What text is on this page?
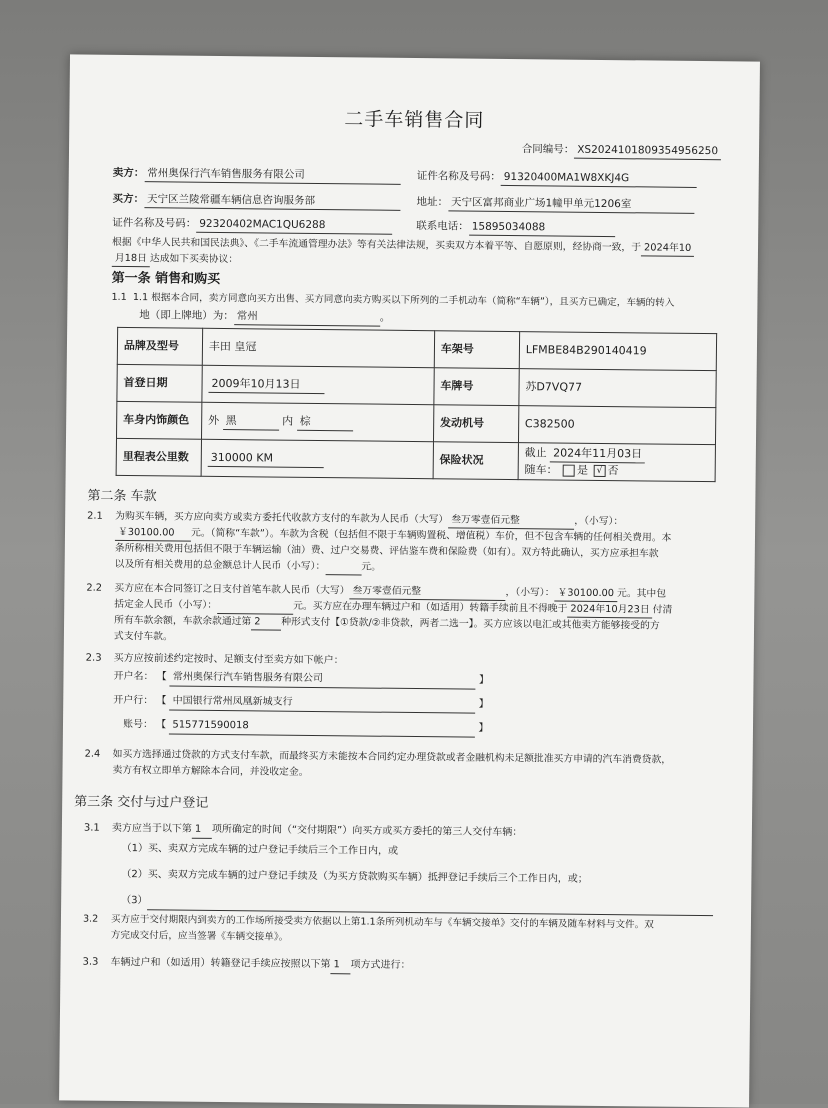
二手车销售合同
合同编号： XS2024101809354956250
卖方： 常州奥保行汽车销售服务有限公司	证件名称及号码： 91320400MA1W8XKJ4G
买方： 天宁区兰陵常疆车辆信息咨询服务部	地址： 天宁区富邦商业广场1幢甲单元1206室
证件名称及号码： 92320402MAC1QU6288	联系电话： 15895034088
根据《中华人民共和国民法典》、《二手车流通管理办法》等有关法律法规，买卖双方本着平等、自愿原则，经协商一致，于 2024年10
月18日 达成如下买卖协议：
第一条 销售和购买
1.1 1.1 根据本合同，卖方同意向买方出售、买方同意向卖方购买以下所列的二手机动车（简称“车辆”），且买方已确定，车辆的转入
地（即上牌地）为： 常州	。
品牌及型号	丰田 皇冠	车架号	LFMBE84B290140419
首登日期	2009年10月13日	车牌号	苏D7VQ77
车身内饰颜色	外 黑 内 棕	发动机号	C382500
里程表公里数	310000 KM	保险状况	截止 2024年11月03日
随车： 是 √ 否
第二条 车款
2.1 为购买车辆，买方应向卖方或卖方委托代收款方支付的车款为人民币（大写） 叁万零壹佰元整	，（小写）：
￥30100.00 元。（简称“车款”）。车款为含税（包括但不限于车辆购置税、增值税）车价，但不包含车辆的任何相关费用。本
条所称相关费用包括但不限于车辆运输（油）费、过户交易费、评估鉴车费和保险费（如有）。双方特此确认，买方应承担车款
以及所有相关费用的总金额总计人民币（小写）：	元。
2.2 买方应在本合同签订之日支付首笔车款人民币（大写） 叁万零壹佰元整	，（小写）： ￥30100.00 元。其中包
括定金人民币（小写）：	元。买方应在办理车辆过户和（如适用）转籍手续前且不得晚于 2024年10月23日 付清
所有车款余额，车款余款通过第 2 种形式支付【①贷款/②非贷款，两者二选一】。买方应该以电汇或其他卖方能够接受的方
式支付车款。
2.3 买方应按前述约定按时、足额支付至卖方如下帐户：
开户名： 【 常州奥保行汽车销售服务有限公司	】
开户行： 【 中国银行常州凤凰新城支行	】
账号： 【 515771590018	】
2.4 如买方选择通过贷款的方式支付车款，而最终买方未能按本合同约定办理贷款或者金融机构未足额批准买方申请的汽车消费贷款，
卖方有权立即单方解除本合同，并没收定金。
第三条 交付与过户登记
3.1 卖方应当于以下第 1 项所确定的时间（“交付期限”）向买方或买方委托的第三人交付车辆：
（1）买、卖双方完成车辆的过户登记手续后三个工作日内，或
（2）买、卖双方完成车辆的过户登记手续及（为买方贷款购买车辆）抵押登记手续后三个工作日内，或；
（3）
3.2 买方应于交付期限内到卖方的工作场所接受卖方依据以上第1.1条所列机动车与《车辆交接单》交付的车辆及随车材料与文件。双
方完成交付后，应当签署《车辆交接单》。
3.3 车辆过户和（如适用）转籍登记手续应按照以下第 1 项方式进行：
